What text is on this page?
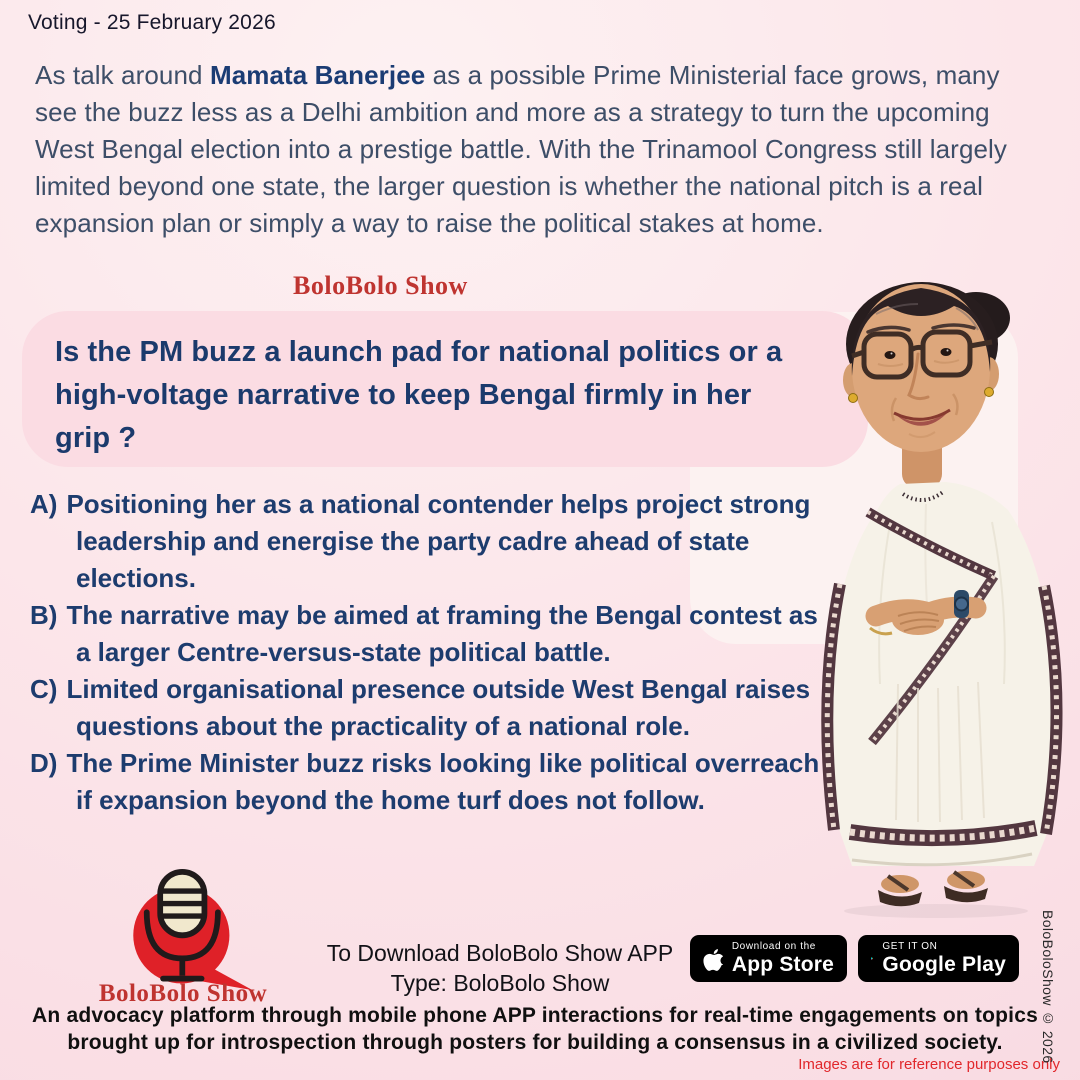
Voting - 25 February 2026
As talk around Mamata Banerjee as a possible Prime Ministerial face grows, many see the buzz less as a Delhi ambition and more as a strategy to turn the upcoming West Bengal election into a prestige battle. With the Trinamool Congress still largely limited beyond one state, the larger question is whether the national pitch is a real expansion plan or simply a way to raise the political stakes at home.
BoloBolo Show
Is the PM buzz a launch pad for national politics or a high-voltage narrative to keep Bengal firmly in her grip ?
A) Positioning her as a national contender helps project strong leadership and energise the party cadre ahead of state elections.
B) The narrative may be aimed at framing the Bengal contest as a larger Centre-versus-state political battle.
C) Limited organisational presence outside West Bengal raises questions about the practicality of a national role.
D) The Prime Minister buzz risks looking like political overreach if expansion beyond the home turf does not follow.
BoloBolo Show
To Download BoloBolo Show APP
Type: BoloBolo Show
Download on the
App Store
GET IT ON
Google Play
An advocacy platform through mobile phone APP interactions for real-time engagements on topics brought up for introspection through posters for building a consensus in a civilized society.
Images are for reference purposes only
BoloBoloShow © 2026
